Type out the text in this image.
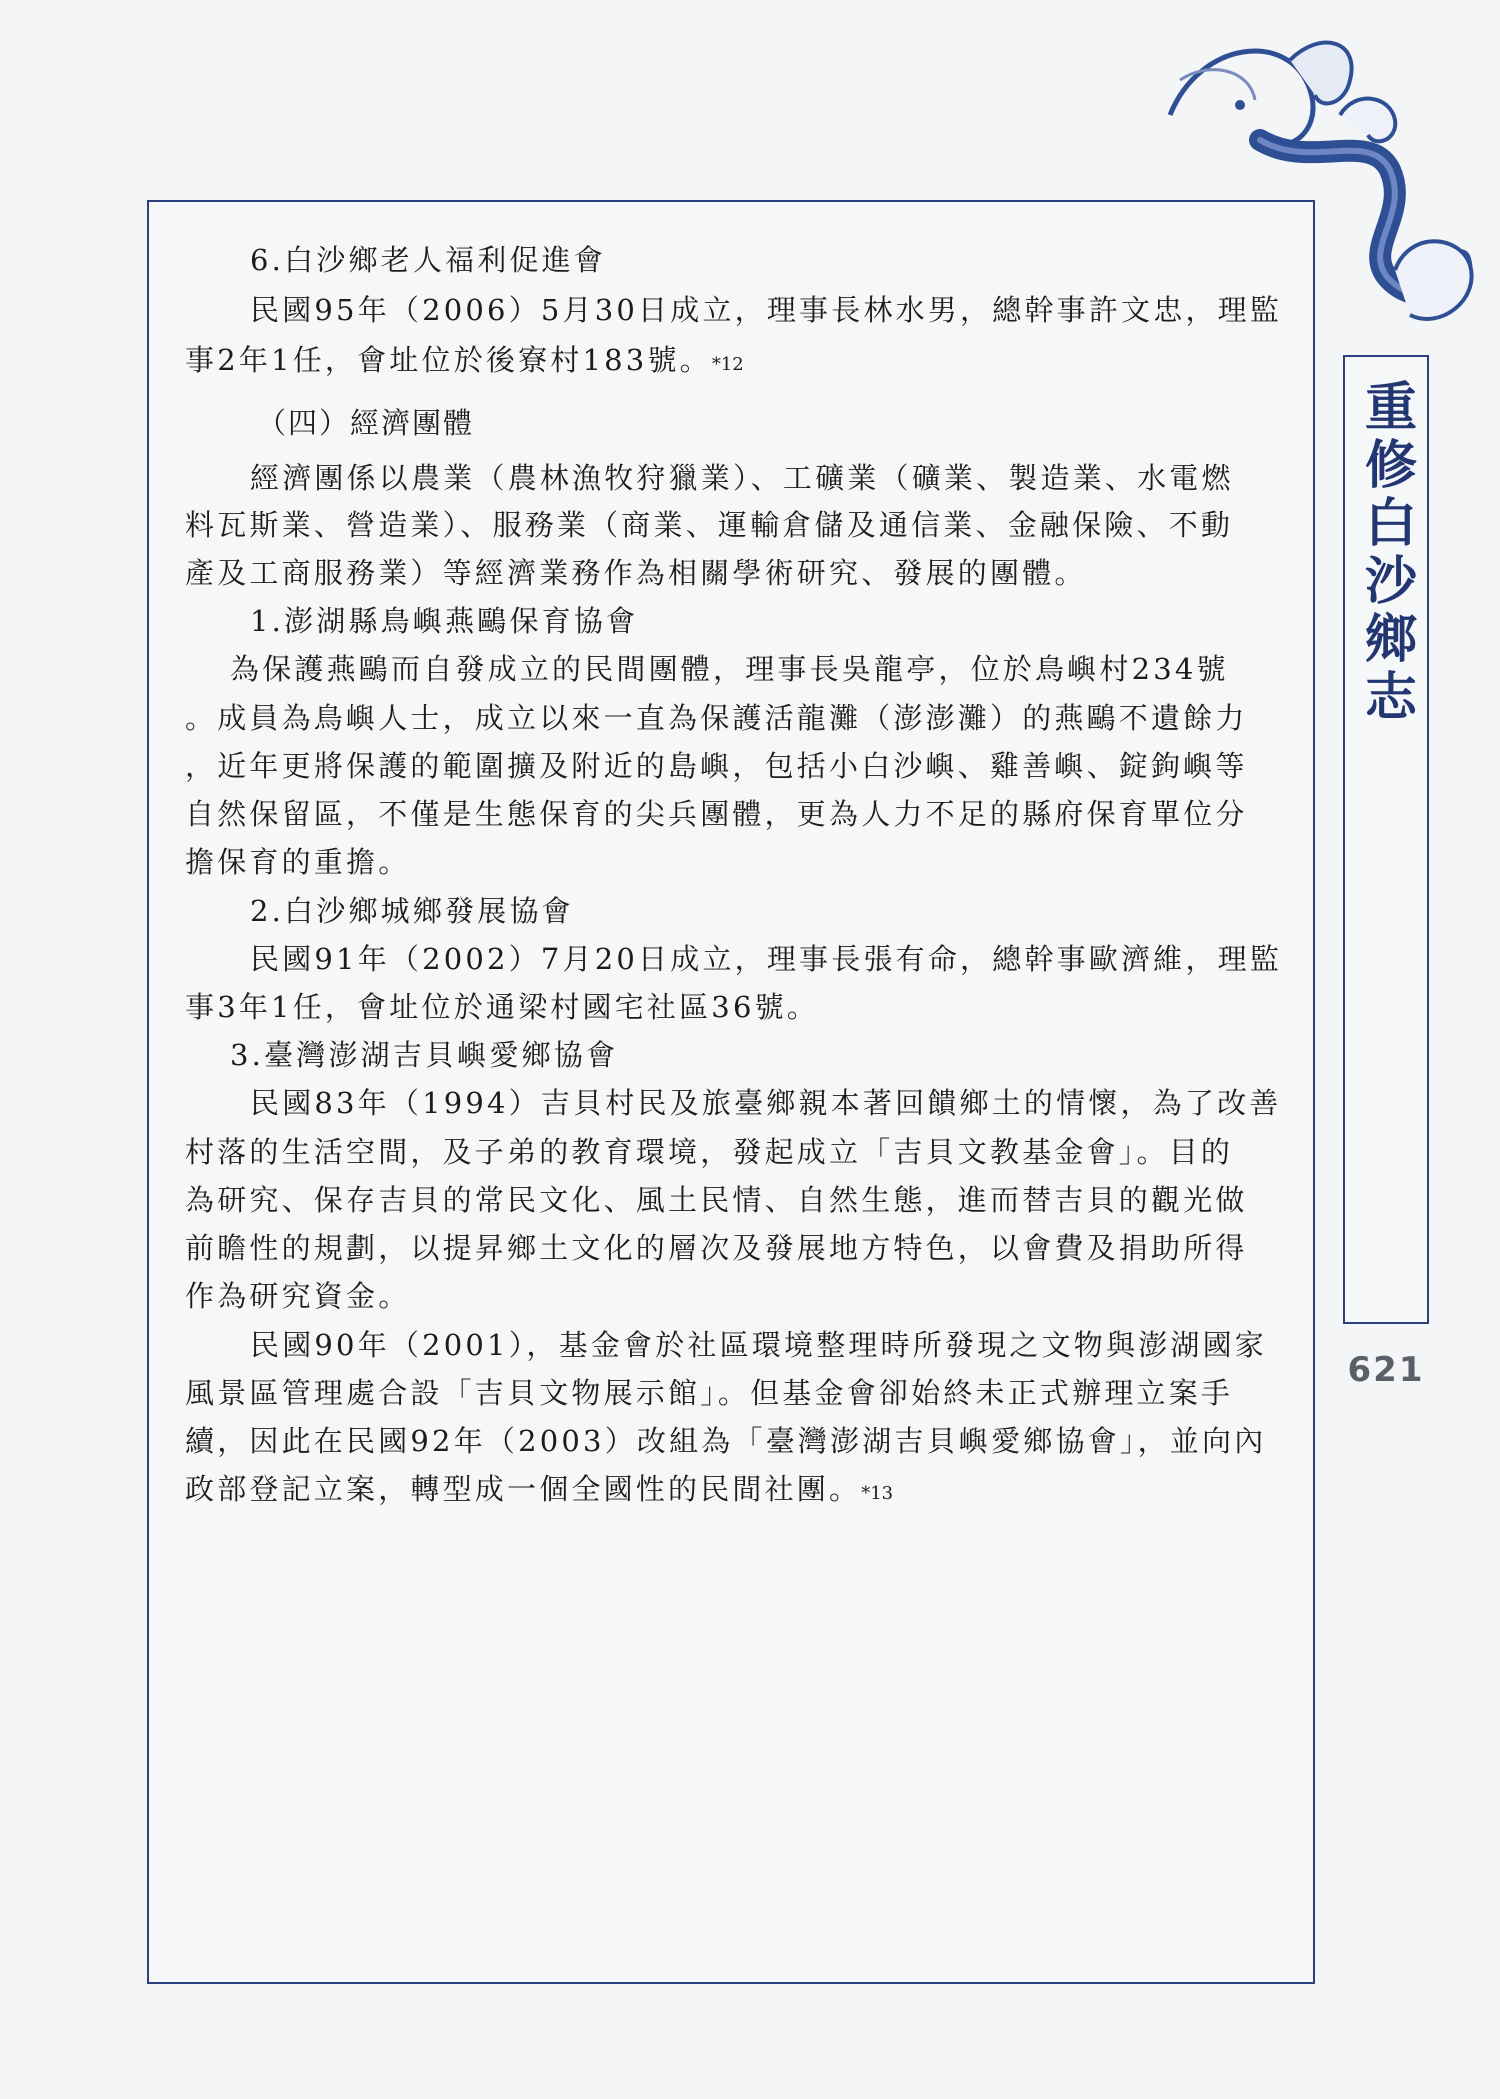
6.白沙鄉老人福利促進會
民國95年（2006）5月30日成立，理事長林水男，總幹事許文忠，理監
事2年1任，會址位於後寮村183號。*12
（四）經濟團體
經濟團係以農業（農林漁牧狩獵業）、工礦業（礦業、製造業、水電燃
料瓦斯業、營造業）、服務業（商業、運輸倉儲及通信業、金融保險、不動
產及工商服務業）等經濟業務作為相關學術研究、發展的團體。
1.澎湖縣鳥嶼燕鷗保育協會
為保護燕鷗而自發成立的民間團體，理事長吳龍亭，位於鳥嶼村234號
。成員為鳥嶼人士，成立以來一直為保護活龍灘（澎澎灘）的燕鷗不遺餘力
，近年更將保護的範圍擴及附近的島嶼，包括小白沙嶼、雞善嶼、錠鉤嶼等
自然保留區，不僅是生態保育的尖兵團體，更為人力不足的縣府保育單位分
擔保育的重擔。
2.白沙鄉城鄉發展協會
民國91年（2002）7月20日成立，理事長張有命，總幹事歐濟維，理監
事3年1任，會址位於通梁村國宅社區36號。
3.臺灣澎湖吉貝嶼愛鄉協會
民國83年（1994）吉貝村民及旅臺鄉親本著回饋鄉土的情懷，為了改善
村落的生活空間，及子弟的教育環境，發起成立「吉貝文教基金會」。目的
為研究、保存吉貝的常民文化、風土民情、自然生態，進而替吉貝的觀光做
前瞻性的規劃，以提昇鄉土文化的層次及發展地方特色，以會費及捐助所得
作為研究資金。
民國90年（2001），基金會於社區環境整理時所發現之文物與澎湖國家
風景區管理處合設「吉貝文物展示館」。但基金會卻始終未正式辦理立案手
續，因此在民國92年（2003）改組為「臺灣澎湖吉貝嶼愛鄉協會」，並向內
政部登記立案，轉型成一個全國性的民間社團。*13
重修白沙鄉志
621
